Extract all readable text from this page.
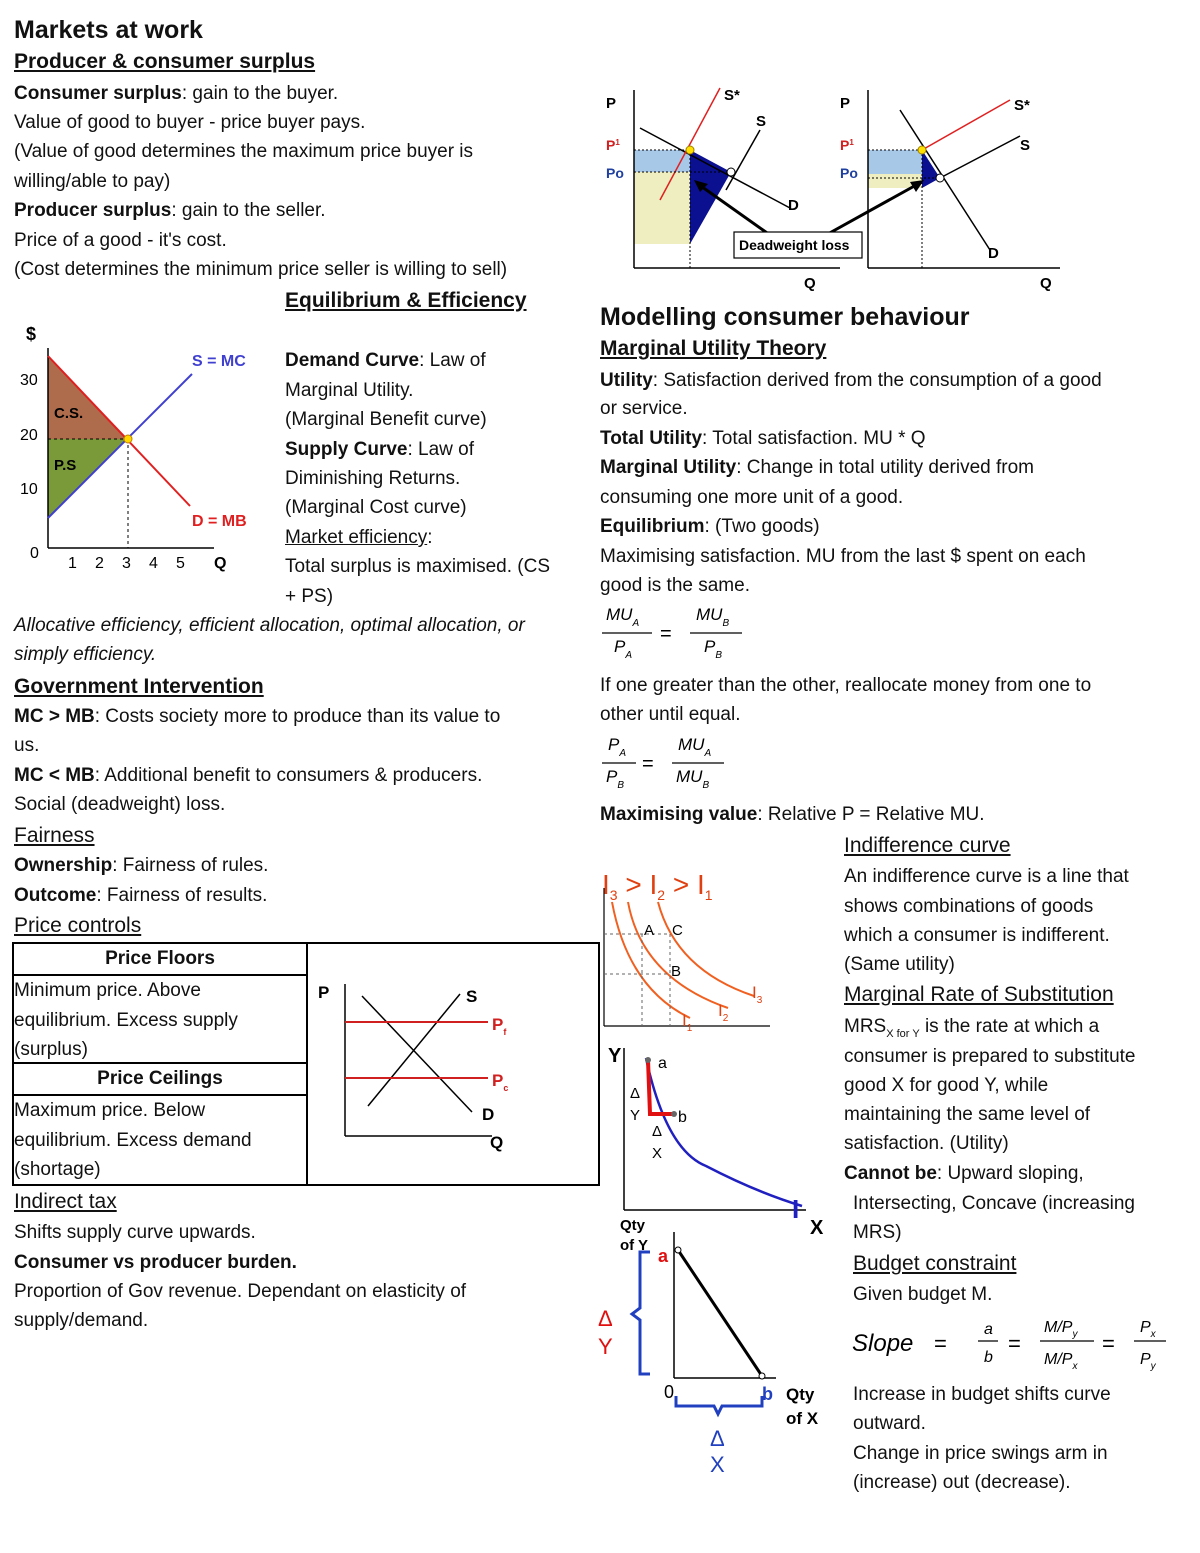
Markets at work
Producer & consumer surplus
Consumer surplus: gain to the buyer.
Value of good to buyer - price buyer pays.
(Value of good determines the maximum price buyer is
willing/able to pay)
Producer surplus: gain to the seller.
Price of a good - it's cost.
(Cost determines the minimum price seller is willing to sell)
Equilibrium & Efficiency
$
30
20
10
0
1 2 3 4 5 Q
S = MC
D = MB
C.S.
P.S
Demand Curve: Law of
Marginal Utility.
(Marginal Benefit curve)
Supply Curve: Law of
Diminishing Returns.
(Marginal Cost curve)
Market efficiency:
Total surplus is maximised. (CS
+ PS)
Allocative efficiency, efficient allocation, optimal allocation, or
simply efficiency.
Government Intervention
MC > MB: Costs society more to produce than its value to
us.
MC < MB: Additional benefit to consumers & producers.
Social (deadweight) loss.
Fairness
Ownership: Fairness of rules.
Outcome: Fairness of results.
Price controls
Price Floors
Minimum price. Above
equilibrium. Excess supply
(surplus)
Price Ceilings
Maximum price. Below
equilibrium. Excess demand
(shortage)
P	S
D
Q
$P_f$
$P_c$
Indirect tax
Shifts supply curve upwards.
Consumer vs producer burden.
Proportion of Gov revenue. Dependant on elasticity of
supply/demand.
P
$P^1$
Po
S*
S
D
Q
P
$P^1$
Po
S*
S
D
Q
Deadweight loss
Modelling consumer behaviour
Marginal Utility Theory
Utility: Satisfaction derived from the consumption of a good
or service.
Total Utility: Total satisfaction. MU * Q
Marginal Utility: Change in total utility derived from
consuming one more unit of a good.
Equilibrium: (Two goods)
Maximising satisfaction. MU from the last $ spent on each
good is the same.
$MU_A$
$P_A$
=
$MU_B$
$P_B$
If one greater than the other, reallocate money from one to
other until equal.
$P_A$
$P_B$
=
$MU_A$
$MU_B$
Maximising value: Relative P = Relative MU.
$I_3 > I_2 > I_1$
A C
B
$I_1$
$I_2$
$I_3$
Y a
b
Δ
Y
Δ
X
I
X
Qty
of Y
a
b
0	Qty
of X
Δ
Y
Δ
X
Indifference curve
An indifference curve is a line that
shows combinations of goods
which a consumer is indifferent.
(Same utility)
Marginal Rate of Substitution
$MRS_{X for Y}$ is the rate at which a
consumer is prepared to substitute
good X for good Y, while
maintaining the same level of
satisfaction. (Utility)
Cannot be: Upward sloping,
Intersecting, Concave (increasing
MRS)
Budget constraint
Given budget M.
Slope =
a
b
=
$M/P_y$
$M/P_x$
=
$P_x$
$P_y$
Increase in budget shifts curve
outward.
Change in price swings arm in
(increase) out (decrease).
